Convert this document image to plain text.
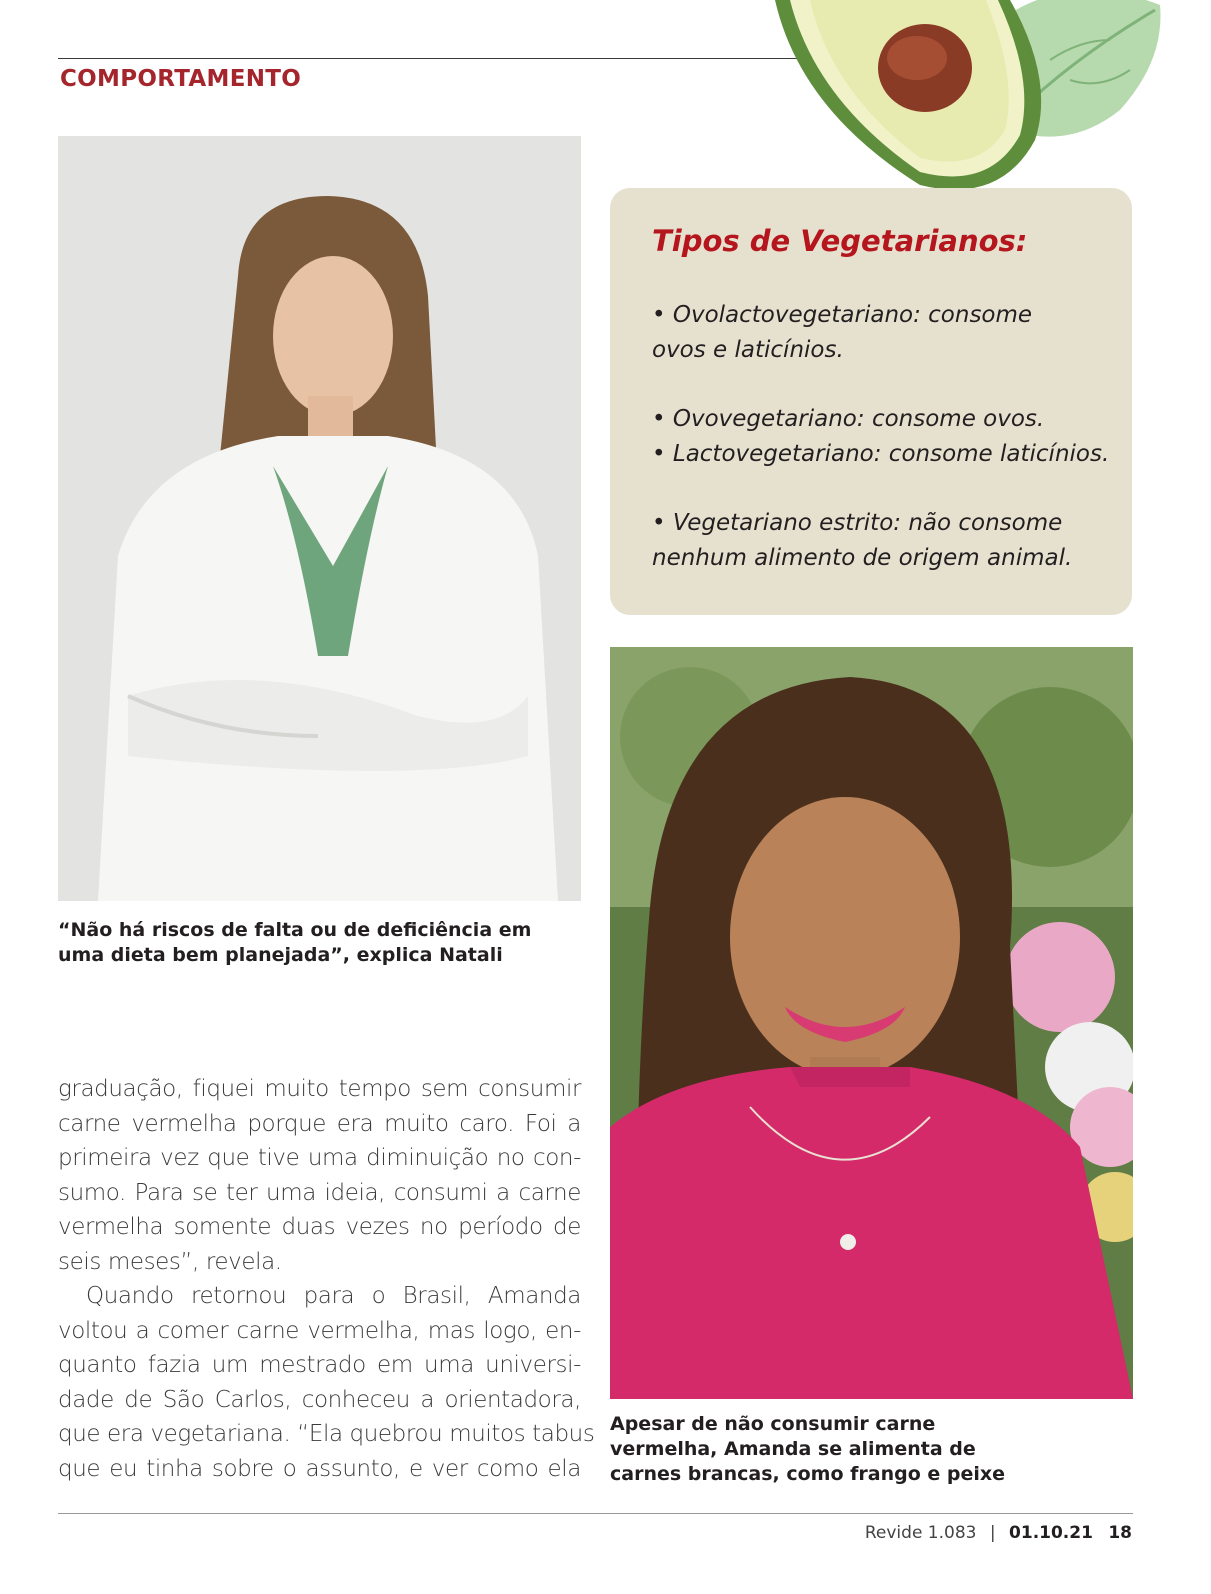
COMPORTAMENTO
“Não há riscos de falta ou de deficiência em
uma dieta bem planejada”, explica Natali
Tipos de Vegetarianos:
• Ovolactovegetariano: consome
ovos e laticínios.
• Ovovegetariano: consome ovos.
• Lactovegetariano: consome laticínios.
• Vegetariano estrito: não consome
nenhum alimento de origem animal.
Apesar de não consumir carne
vermelha, Amanda se alimenta de
carnes brancas, como frango e peixe
graduação, fiquei muito tempo sem consumir
carne vermelha porque era muito caro. Foi a
primeira vez que tive uma diminuição no con-
sumo. Para se ter uma ideia, consumi a carne
vermelha somente duas vezes no período de
seis meses”, revela.
Quando retornou para o Brasil, Amanda
voltou a comer carne vermelha, mas logo, en-
quanto fazia um mestrado em uma universi-
dade de São Carlos, conheceu a orientadora,
que era vegetariana. “Ela quebrou muitos tabus
que eu tinha sobre o assunto, e ver como ela
Revide 1.083 | 01.10.21 18
